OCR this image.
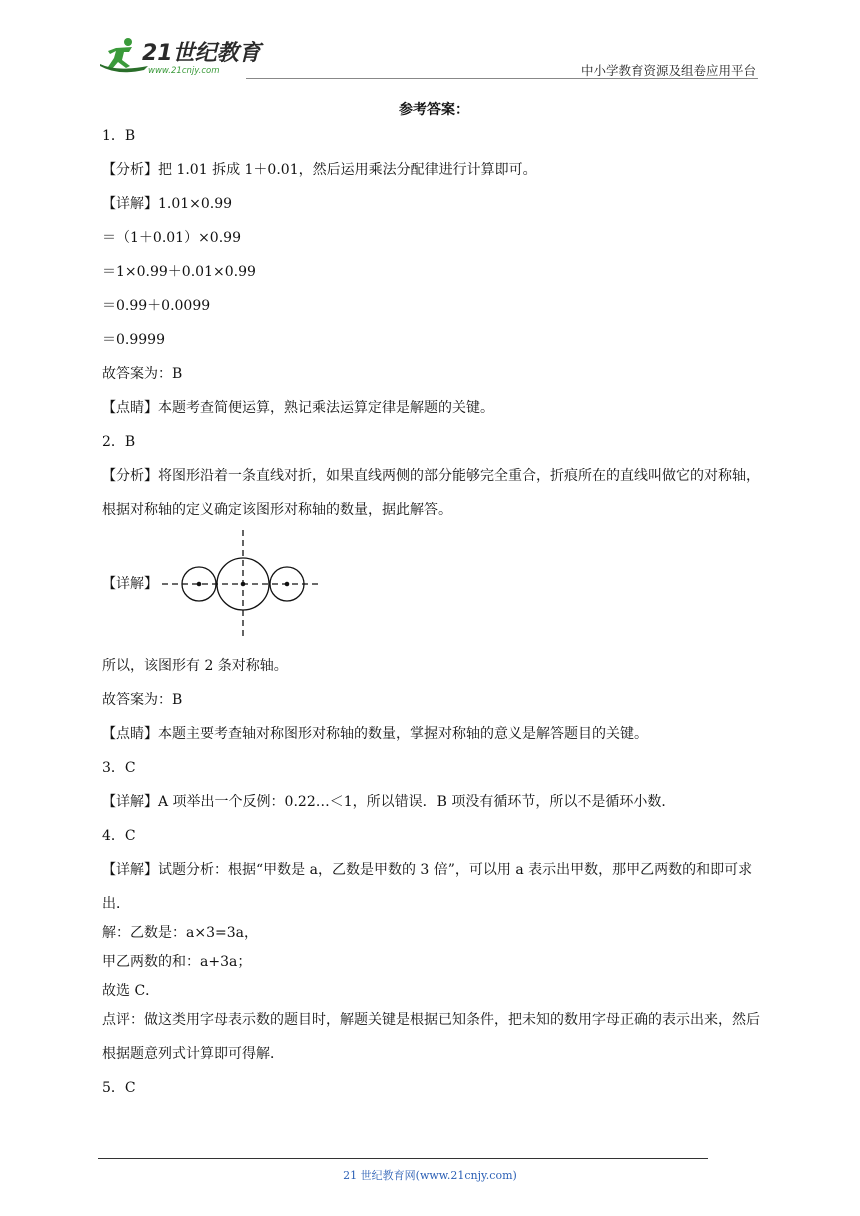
21世纪教育
www.21cnjy.com	中小学教育资源及组卷应用平台

参考答案：

1．B

【分析】把 1.01 拆成 1＋0.01，然后运用乘法分配律进行计算即可。

【详解】1.01×0.99

＝（1＋0.01）×0.99

＝1×0.99＋0.01×0.99

＝0.99＋0.0099

＝0.9999

故答案为：B

【点睛】本题考查简便运算，熟记乘法运算定律是解题的关键。

2．B

【分析】将图形沿着一条直线对折，如果直线两侧的部分能够完全重合，折痕所在的直线叫做它的对称轴，根据对称轴的定义确定该图形对称轴的数量，据此解答。

【详解】

所以，该图形有 2 条对称轴。

故答案为：B

【点睛】本题主要考查轴对称图形对称轴的数量，掌握对称轴的意义是解答题目的关键。

3．C

【详解】A 项举出一个反例：0.22…＜1，所以错误．B 项没有循环节，所以不是循环小数．

4．C

【详解】试题分析：根据“甲数是 a，乙数是甲数的 3 倍”，可以用 a 表示出甲数，那甲乙两数的和即可求出．

解：乙数是：a×3=3a，

甲乙两数的和：a+3a；

故选 C．

点评：做这类用字母表示数的题目时，解题关键是根据已知条件，把未知的数用字母正确的表示出来，然后根据题意列式计算即可得解．

5．C

21 世纪教育网(www.21cnjy.com)
